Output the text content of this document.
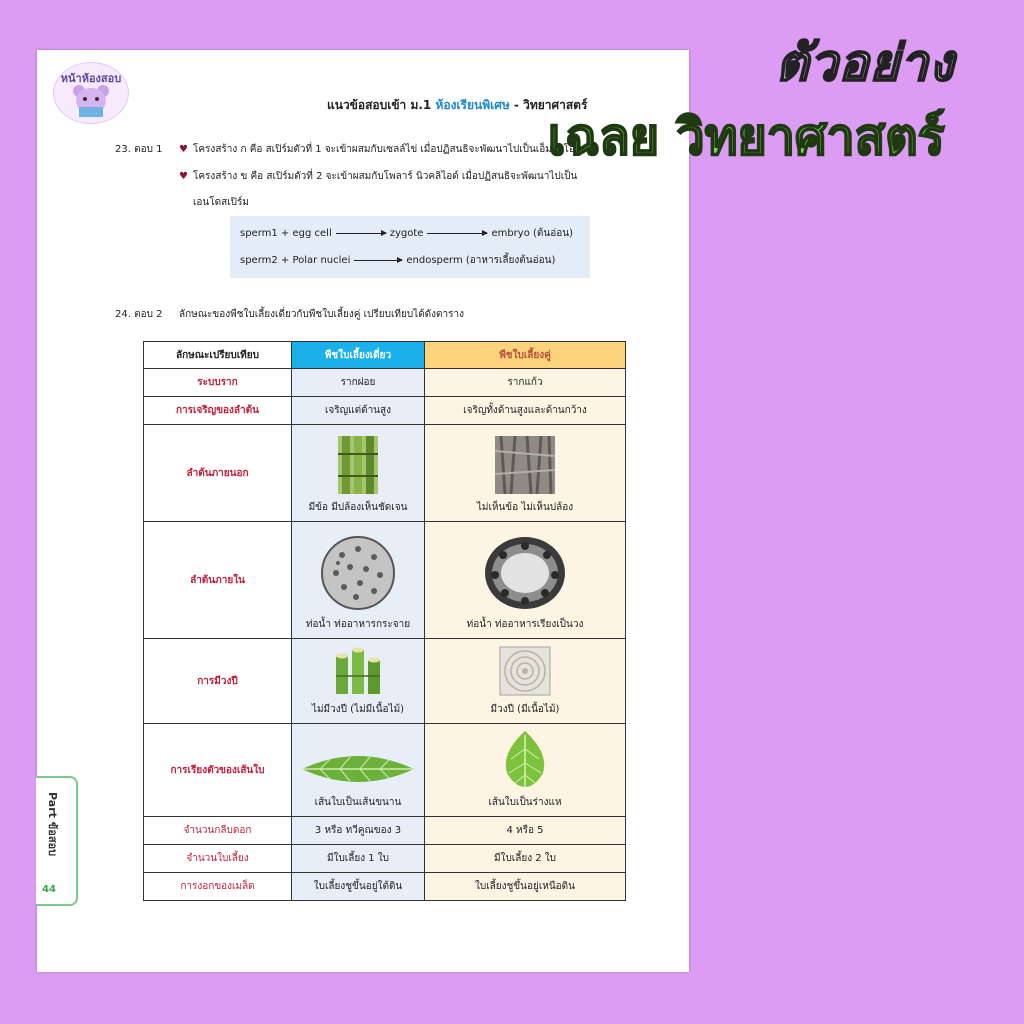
หน้าห้องสอบ
แนวข้อสอบเข้า ม.1 ห้องเรียนพิเศษ - วิทยาศาสตร์
23. ตอบ 1 ♥ โครงสร้าง ก คือ สเปิร์มตัวที่ 1 จะเข้าผสมกับเซลล์ไข่ เมื่อปฏิสนธิจะพัฒนาไปเป็นเอ็มบริโอ
♥ โครงสร้าง ข คือ สเปิร์มตัวที่ 2 จะเข้าผสมกับโพลาร์ นิวคลิไอด์ เมื่อปฏิสนธิจะพัฒนาไปเป็น
เอนโดสเปิร์ม
sperm1 + egg cell	zygote	embryo (ต้นอ่อน)
sperm2 + Polar nuclei	endosperm (อาหารเลี้ยงต้นอ่อน)
24. ตอบ 2 ลักษณะของพืชใบเลี้ยงเดี่ยวกับพืชใบเลี้ยงคู่ เปรียบเทียบได้ดังตาราง
ลักษณะเปรียบเทียบ	พืชใบเลี้ยงเดี่ยว	พืชใบเลี้ยงคู่
ระบบราก	รากฝอย	รากแก้ว
การเจริญของลำต้น	เจริญแต่ด้านสูง	เจริญทั้งด้านสูงและด้านกว้าง
ลำต้นภายนอก	มีข้อ มีปล้องเห็นชัดเจน	ไม่เห็นข้อ ไม่เห็นปล้อง

ลำต้นภายใน	ท่อน้ำ ท่ออาหารกระจาย	ท่อน้ำ ท่ออาหารเรียงเป็นวง

การมีวงปี	ไม่มีวงปี (ไม่มีเนื้อไม้)	มีวงปี (มีเนื้อไม้)

การเรียงตัวของเส้นใบ	เส้นใบเป็นเส้นขนาน	เส้นใบเป็นร่างแห

จำนวนกลีบดอก	3 หรือ ทวีคูณของ 3	4 หรือ 5
จำนวนใบเลี้ยง	มีใบเลี้ยง 1 ใบ	มีใบเลี้ยง 2 ใบ
การงอกของเมล็ด	ใบเลี้ยงชูขึ้นอยู่ใต้ดิน	ใบเลี้ยงชูขึ้นอยู่เหนือดิน
Part ข้อสอบ
44
ตัวอย่าง
เฉลย วิทยาศาสตร์
